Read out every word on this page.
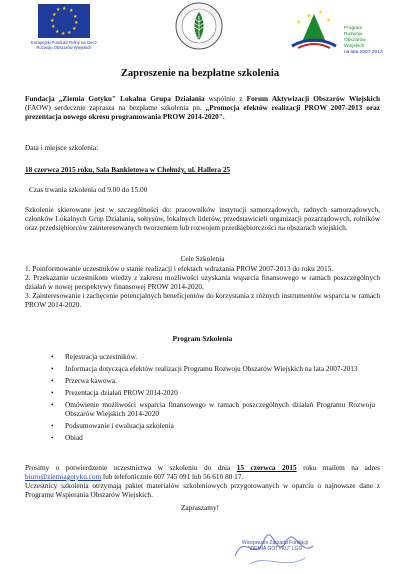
★ ★
★
★
★
★
★
★
★
★
★
★
Europejski Fundusz Rolny na rzecz
Rozwoju Obszarów Wiejskich
★ ★
★
★
Program
Rozwoju
Obszarów
Wiejskich
na lata 2007-2013
Zaproszenie na bezpłatne szkolenia
Fundacja „Ziemia Gotyku" Lokalna Grupa Działania wspólnie z Forum Aktywizacji Obszarów Wiejskich (FAOW) serdecznie zaprasza na bezpłatne szkolenia pn. „Promocja efektów realizacji PROW 2007-2013 oraz prezentacja nowego okresu programowania PROW 2014-2020".
Data i miejsce szkolenia:
18 czerwca 2015 roku, Sala Bankietowa w Chełmży, ul. Hallera 25
Czas trwania szkolenia od 9.00 do 15.00
Szkolenie skierowane jest w szczególności do: pracowników instytucji samorządowych, radnych samorządowych, członków Lokalnych Grup Działania, sołtysów, lokalnych liderów, przedstawicieli organizacji pozarządowych, rolników oraz przedsiębiorców zainteresowanych tworzeniem lub rozwojem przedsiębiorczości na obszarach wiejskich.
Cele Szkolenia

1. Poinformowanie uczestników o stanie realizacji i efektach wdrażania PROW 2007-2013 do roku 2015.

2. Przekazanie uczestnikom wiedzy z zakresu możliwości uzyskania wsparcia finansowego w ramach poszczególnych działań w nowej perspektywy finansowej PROW 2014-2020.

3. Zainteresowanie i zachęcenie potencjalnych beneficjentów do korzystania z różnych instrumentów wsparcia w ramach PROW 2014-2020.

Program Szkolenia
• Rejestracja uczestników.
• Informacja dotycząca efektów realizacji Programu Rozwoju Obszarów Wiejskich na lata 2007-2013
• Przerwa kawowa.
• Prezentacja działań PROW 2014-2020
• Omówienie możliwości wsparcia finansowego w ramach poszczególnych działań Programu Rozwoju Obszarów Wiejskich 2014-2020
• Podsumowanie i ewaluacja szkolenia
• Obiad
Prosimy o potwierdzenie uczestnictwa w szkoleniu do dnia 15 czerwca 2015 roku mailem na adres biuro@ziemiagotyku.com lub telefonicznie 607 745 091 lub 56 610 80 17.
Uczestnicy szkolenia otrzymają pakiet materiałów szkoleniowych przygotowanych w oparciu o najnowsze dane z Programu Wspierania Obszarów Wiejskich.
Zapraszamy!
Wiceprezes Zarządu Fundacji
"ZIEMIA GOTYKU" LGD
